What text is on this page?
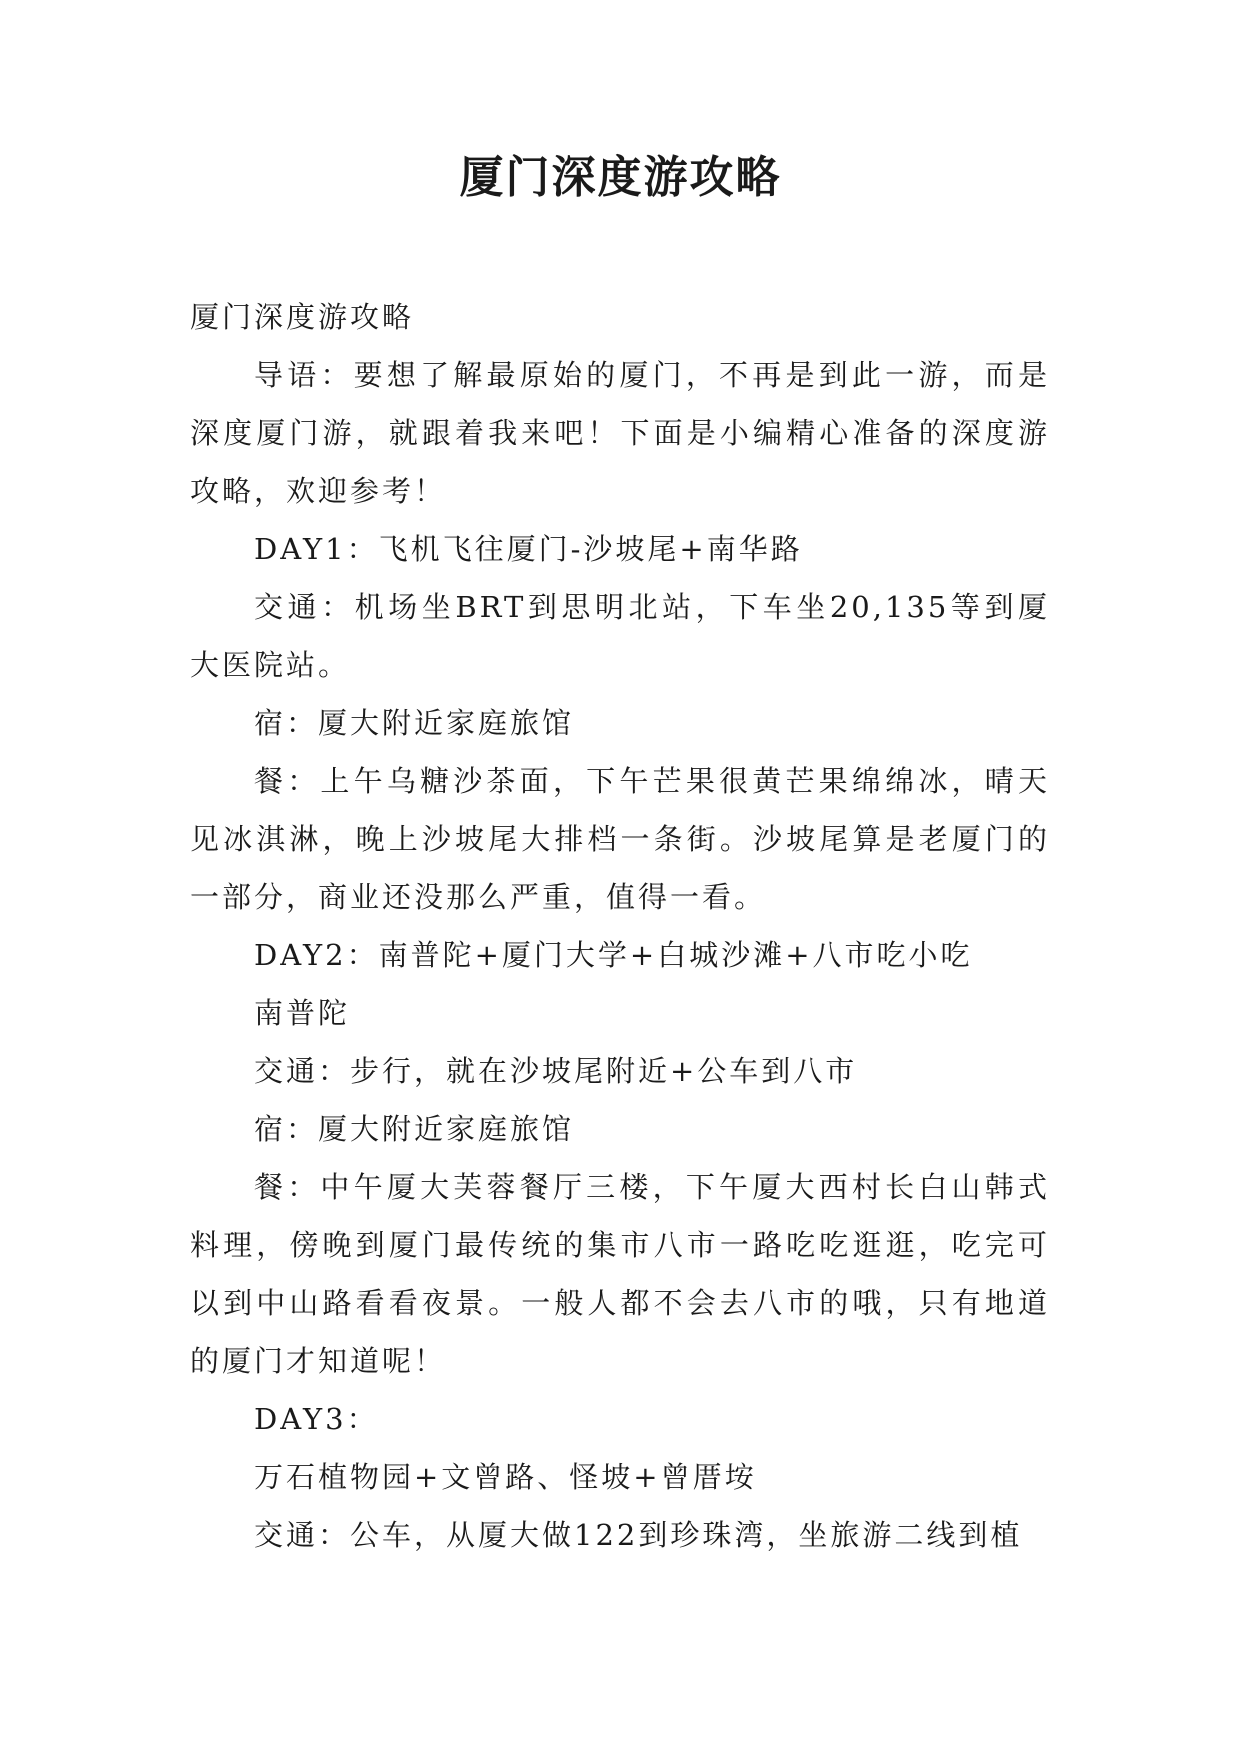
厦门深度游攻略

厦门深度游攻略

导语：要想了解最原始的厦门，不再是到此一游，而是深度厦门游，就跟着我来吧！下面是小编精心准备的深度游攻略，欢迎参考！

DAY1：飞机飞往厦门-沙坡尾+南华路

交通：机场坐BRT到思明北站，下车坐20,135等到厦大医院站。

宿：厦大附近家庭旅馆

餐：上午乌糖沙茶面，下午芒果很黄芒果绵绵冰，晴天见冰淇淋，晚上沙坡尾大排档一条街。沙坡尾算是老厦门的一部分，商业还没那么严重，值得一看。

DAY2：南普陀+厦门大学+白城沙滩+八市吃小吃

南普陀

交通：步行，就在沙坡尾附近+公车到八市

宿：厦大附近家庭旅馆

餐：中午厦大芙蓉餐厅三楼，下午厦大西村长白山韩式料理，傍晚到厦门最传统的集市八市一路吃吃逛逛，吃完可以到中山路看看夜景。一般人都不会去八市的哦，只有地道的厦门才知道呢！

DAY3：

万石植物园+文曾路、怪坡+曾厝垵

交通：公车，从厦大做122到珍珠湾，坐旅游二线到植
